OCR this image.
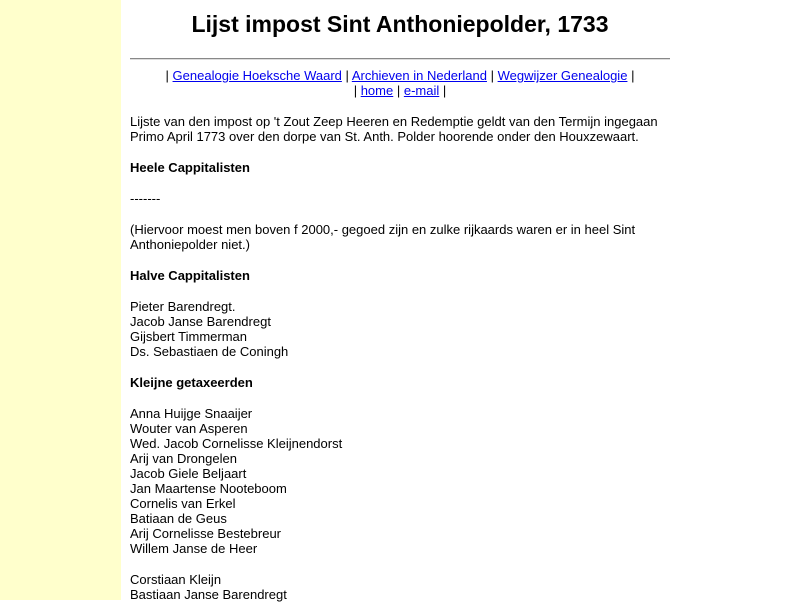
Lijst impost Sint Anthoniepolder, 1733
| Genealogie Hoeksche Waard | Archieven in Nederland | Wegwijzer Genealogie |
| home | e-mail |

Lijste van den impost op 't Zout Zeep Heeren en Redemptie geldt van den Termijn ingegaan Primo April 1773 over den dorpe van St. Anth. Polder hoorende onder den Houxzewaart.

Heele Cappitalisten

-------

(Hiervoor moest men boven f 2000,- gegoed zijn en zulke rijkaards waren er in heel Sint Anthoniepolder niet.)

Halve Cappitalisten

Pieter Barendregt.
Jacob Janse Barendregt
Gijsbert Timmerman
Ds. Sebastiaen de Coningh

Kleijne getaxeerden

Anna Huijge Snaaijer
Wouter van Asperen
Wed. Jacob Cornelisse Kleijnendorst
Arij van Drongelen
Jacob Giele Beljaart
Jan Maartense Nooteboom
Cornelis van Erkel
Batiaan de Geus
Arij Cornelisse Bestebreur
Willem Janse de Heer
Corstiaan Kleijn
Bastiaan Janse Barendregt
